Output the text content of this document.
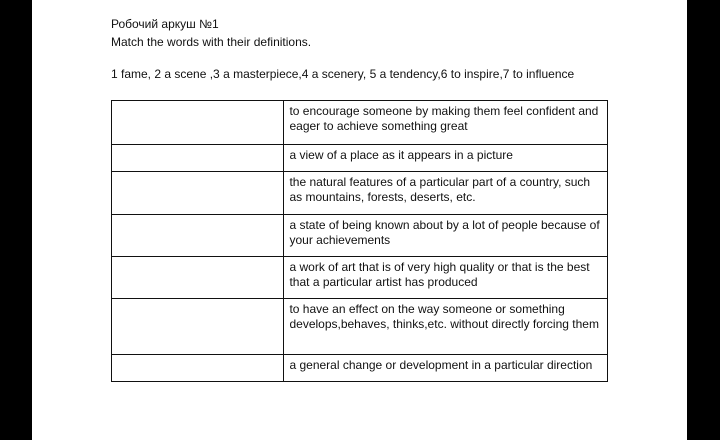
Робочий аркуш №1
Match the words with their definitions.
1 fame, 2 a scene ,3 a masterpiece,4 a scenery, 5 a tendency,6 to inspire,7 to influence
	to encourage someone by making them feel confident and eager to achieve something great
	a view of a place as it appears in a picture
	the natural features of a particular part of a country, such as mountains, forests, deserts, etc.
	a state of being known about by a lot of people because of your achievements
	a work of art that is of very high quality or that is the best that a particular artist has produced
	to have an effect on the way someone or something develops,behaves, thinks,etc. without directly forcing them
	a general change or development in a particular direction
